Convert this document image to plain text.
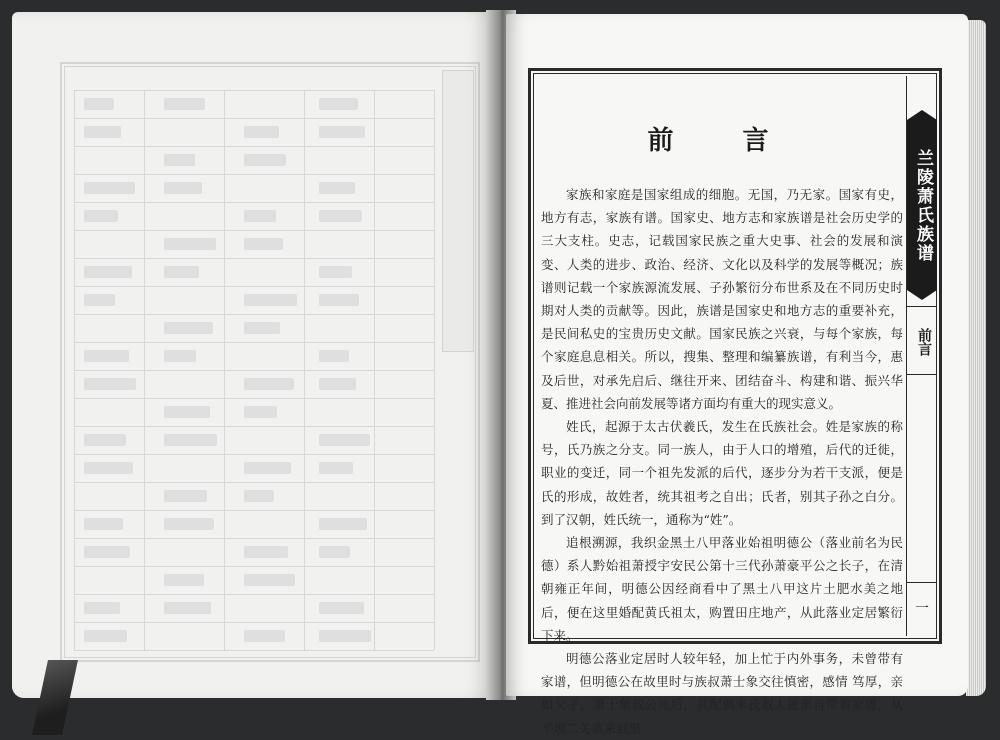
前 言

家族和家庭是国家组成的细胞。无国，乃无家。国家有史，地方有志，家族有谱。国家史、地方志和家族谱是社会历史学的三大支柱。史志，记载国家民族之重大史事、社会的发展和演变、人类的进步、政治、经济、文化以及科学的发展等概况；族谱则记载一个家族源流发展、子孙繁衍分布世系及在不同历史时期对人类的贡献等。因此，族谱是国家史和地方志的重要补充，是民间私史的宝贵历史文献。国家民族之兴衰，与每个家族，每个家庭息息相关。所以，搜集、整理和编纂族谱，有利当今，惠及后世，对承先启后、继往开来、团结奋斗、构建和谐、振兴华夏、推进社会向前发展等诸方面均有重大的现实意义。

姓氏，起源于太古伏羲氏，发生在氏族社会。姓是家族的称号，氏乃族之分支。同一族人，由于人口的增殖，后代的迁徙，职业的变迁，同一个祖先发派的后代，逐步分为若干支派，便是氏的形成，故姓者，统其祖考之自出；氏者，别其子孙之白分。到了汉朝，姓氏统一，通称为“姓”。

追根溯源，我织金黑土八甲落业始祖明德公（落业前名为民德）系人黔始祖萧授宇安民公第十三代孙萧豪平公之长子，在清朝雍正年间，明德公因经商看中了黑土八甲这片土肥水美之地后，便在这里婚配黄氏祖太，购置田庄地产，从此落业定居繁衍下来。

明德公落业定居时人较年轻，加上忙于内外事务，未曾带有家谱，但明德公在故里时与族叔萧士象交往慎密，感情 笃厚，亲如父子，萧士象叔公死后，其配偶米氏叔太就亲自带着家谱，从平坝二关寨来到黑

兰陵萧氏族谱
前言
一
